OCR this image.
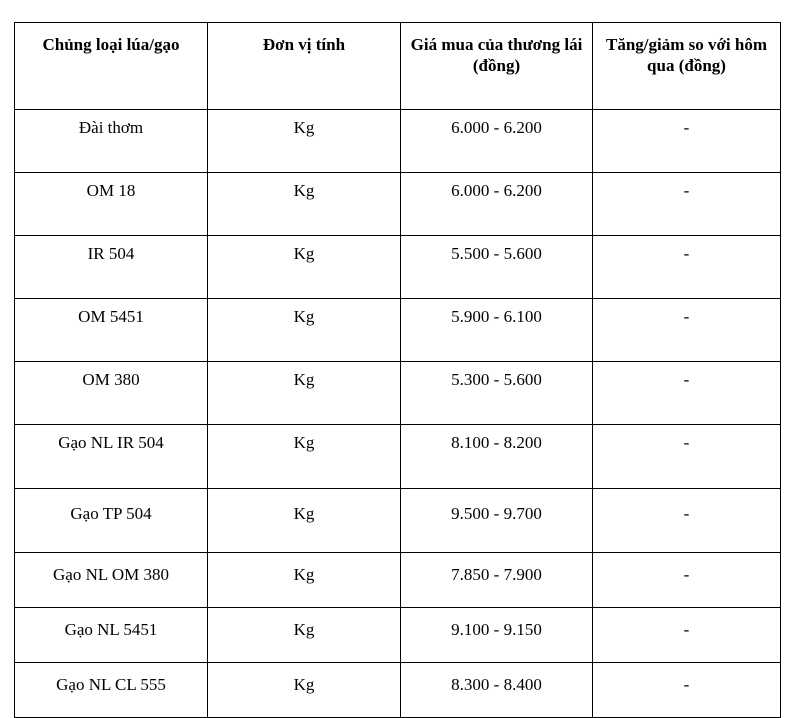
Chủng loại lúa/gạo	Đơn vị tính	Giá mua của thương lái (đồng)	Tăng/giảm so với hôm qua (đồng)
Đài thơm	Kg	6.000 - 6.200	-
OM 18	Kg	6.000 - 6.200	-
IR 504	Kg	5.500 - 5.600	-
OM 5451	Kg	5.900 - 6.100	-
OM 380	Kg	5.300 - 5.600	-
Gạo NL IR 504	Kg	8.100 - 8.200	-
Gạo TP 504	Kg	9.500 - 9.700	-
Gạo NL OM 380	Kg	7.850 - 7.900	-
Gạo NL 5451	Kg	9.100 - 9.150	-
Gạo NL CL 555	Kg	8.300 - 8.400	-
